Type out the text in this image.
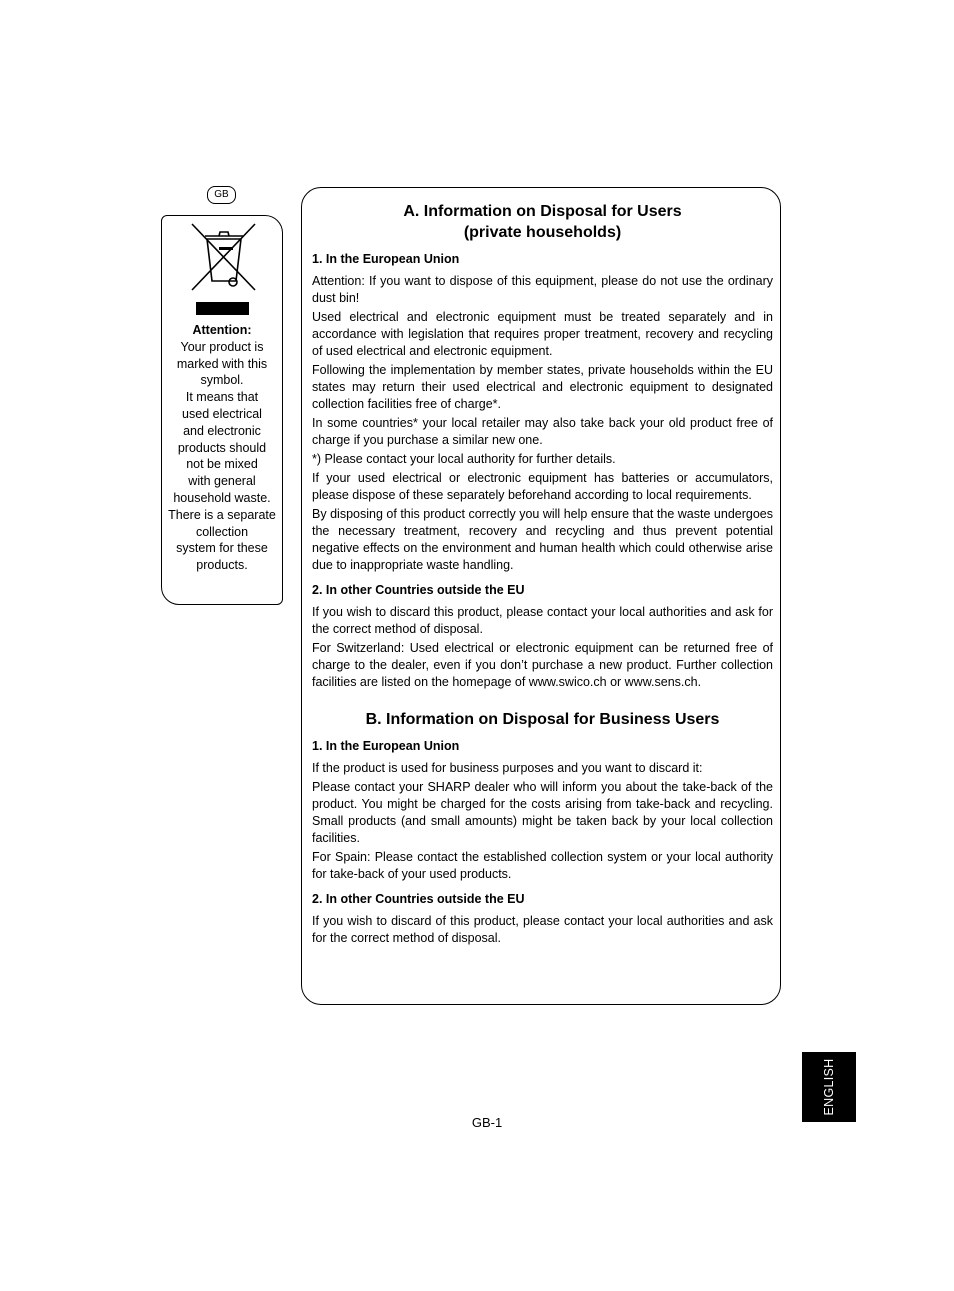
GB
Attention:
Your product is
marked with this
symbol.
It means that
used electrical
and electronic
products should
not be mixed
with general
household waste.
There is a separate
collection
system for these
products.
A. Information on Disposal for Users
(private households)
1. In the European Union

Attention: If you want to dispose of this equipment, please do not use the ordinary dust bin!

Used electrical and electronic equipment must be treated separately and in accordance with legislation that requires proper treatment, recovery and recycling of used electrical and electronic equipment.

Following the implementation by member states, private households within the EU states may return their used electrical and electronic equipment to designated collection facilities free of charge*.

In some countries* your local retailer may also take back your old product free of charge if you purchase a similar new one.

*) Please contact your local authority for further details.

If your used electrical or electronic equipment has batteries or accumulators, please dispose of these separately beforehand according to local requirements.

By disposing of this product correctly you will help ensure that the waste undergoes the necessary treatment, recovery and recycling and thus prevent potential negative effects on the environment and human health which could otherwise arise due to inappropriate waste handling.

2. In other Countries outside the EU

If you wish to discard this product, please contact your local authorities and ask for the correct method of disposal.

For Switzerland: Used electrical or electronic equipment can be returned free of charge to the dealer, even if you don’t purchase a new product. Further collection facilities are listed on the homepage of www.swico.ch or www.sens.ch.

B. Information on Disposal for Business Users
1. In the European Union

If the product is used for business purposes and you want to discard it:

Please contact your SHARP dealer who will inform you about the take-back of the product. You might be charged for the costs arising from take-back and recycling. Small products (and small amounts) might be taken back by your local collection facilities.

For Spain: Please contact the established collection system or your local authority for take-back of your used products.

2. In other Countries outside the EU

If you wish to discard of this product, please contact your local authorities and ask for the correct method of disposal.

GB-1
ENGLISH
